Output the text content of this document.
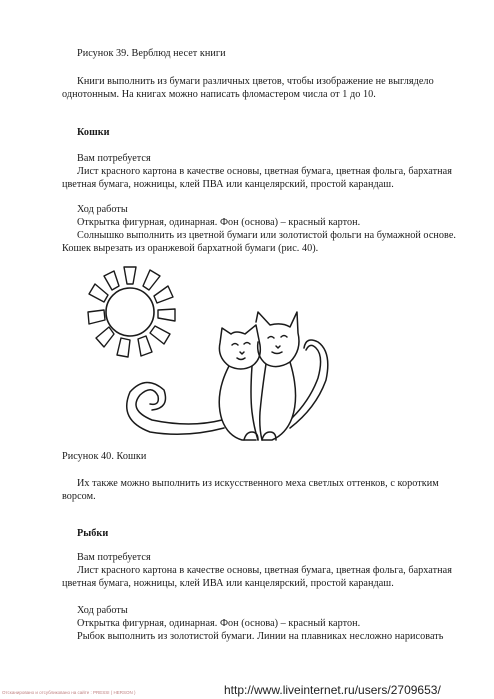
Рисунок 39. Верблюд несет книги
Книги выполнить из бумаги различных цветов, чтобы изображение не выглядело
однотонным. На книгах можно написать фломастером числа от 1 до 10.
Кошки
Вам потребуется
Лист красного картона в качестве основы, цветная бумага, цветная фольга, бархатная
цветная бумага, ножницы, клей ПВА или канцелярский, простой карандаш.
Ход работы
Открытка фигурная, одинарная. Фон (основа) – красный картон.
Солнышко выполнить из цветной бумаги или золотистой фольги на бумажной основе.
Кошек вырезать из оранжевой бархатной бумаги (рис. 40).
Рисунок 40. Кошки
Их также можно выполнить из искусственного меха светлых оттенков, с коротким
ворсом.
Рыбки
Вам потребуется
Лист красного картона в качестве основы, цветная бумага, цветная фольга, бархатная
цветная бумага, ножницы, клей ИВА или канцелярский, простой карандаш.
Ход работы
Открытка фигурная, одинарная. Фон (основа) – красный картон.
Рыбок выполнить из золотистой бумаги. Линии на плавниках несложно нарисовать
Отсканировано и отсубликовано на сайте : PRESSI ( HERSON )	http://www.liveinternet.ru/users/2709653/
